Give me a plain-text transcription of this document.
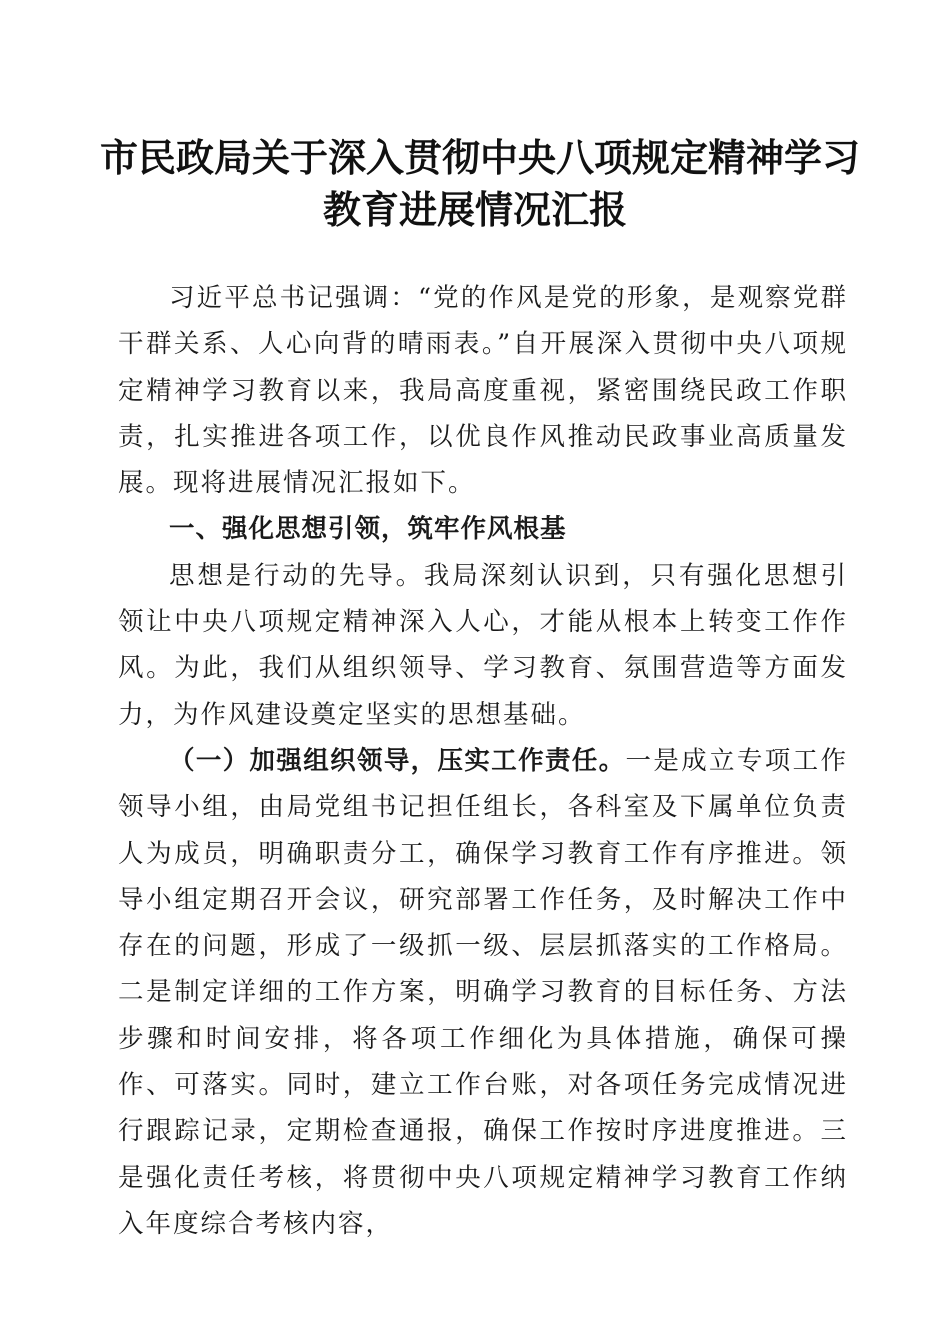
市民政局关于深入贯彻中央八项规定精神学习
教育进展情况汇报

习近平总书记强调：“党的作风是党的形象，是观察党群干群关系、人心向背的晴雨表。”自开展深入贯彻中央八项规定精神学习教育以来，我局高度重视，紧密围绕民政工作职责，扎实推进各项工作，以优良作风推动民政事业高质量发展。现将进展情况汇报如下。

一、强化思想引领，筑牢作风根基

思想是行动的先导。我局深刻认识到，只有强化思想引领让中央八项规定精神深入人心，才能从根本上转变工作作风。为此，我们从组织领导、学习教育、氛围营造等方面发力，为作风建设奠定坚实的思想基础。

（一）加强组织领导，压实工作责任。一是成立专项工作领导小组，由局党组书记担任组长，各科室及下属单位负责人为成员，明确职责分工，确保学习教育工作有序推进。领导小组定期召开会议，研究部署工作任务，及时解决工作中存在的问题，形成了一级抓一级、层层抓落实的工作格局。二是制定详细的工作方案，明确学习教育的目标任务、方法步骤和时间安排，将各项工作细化为具体措施，确保可操作、可落实。同时，建立工作台账，对各项任务完成情况进行跟踪记录，定期检查通报，确保工作按时序进度推进。三是强化责任考核，将贯彻中央八项规定精神学习教育工作纳入年度综合考核内容，
